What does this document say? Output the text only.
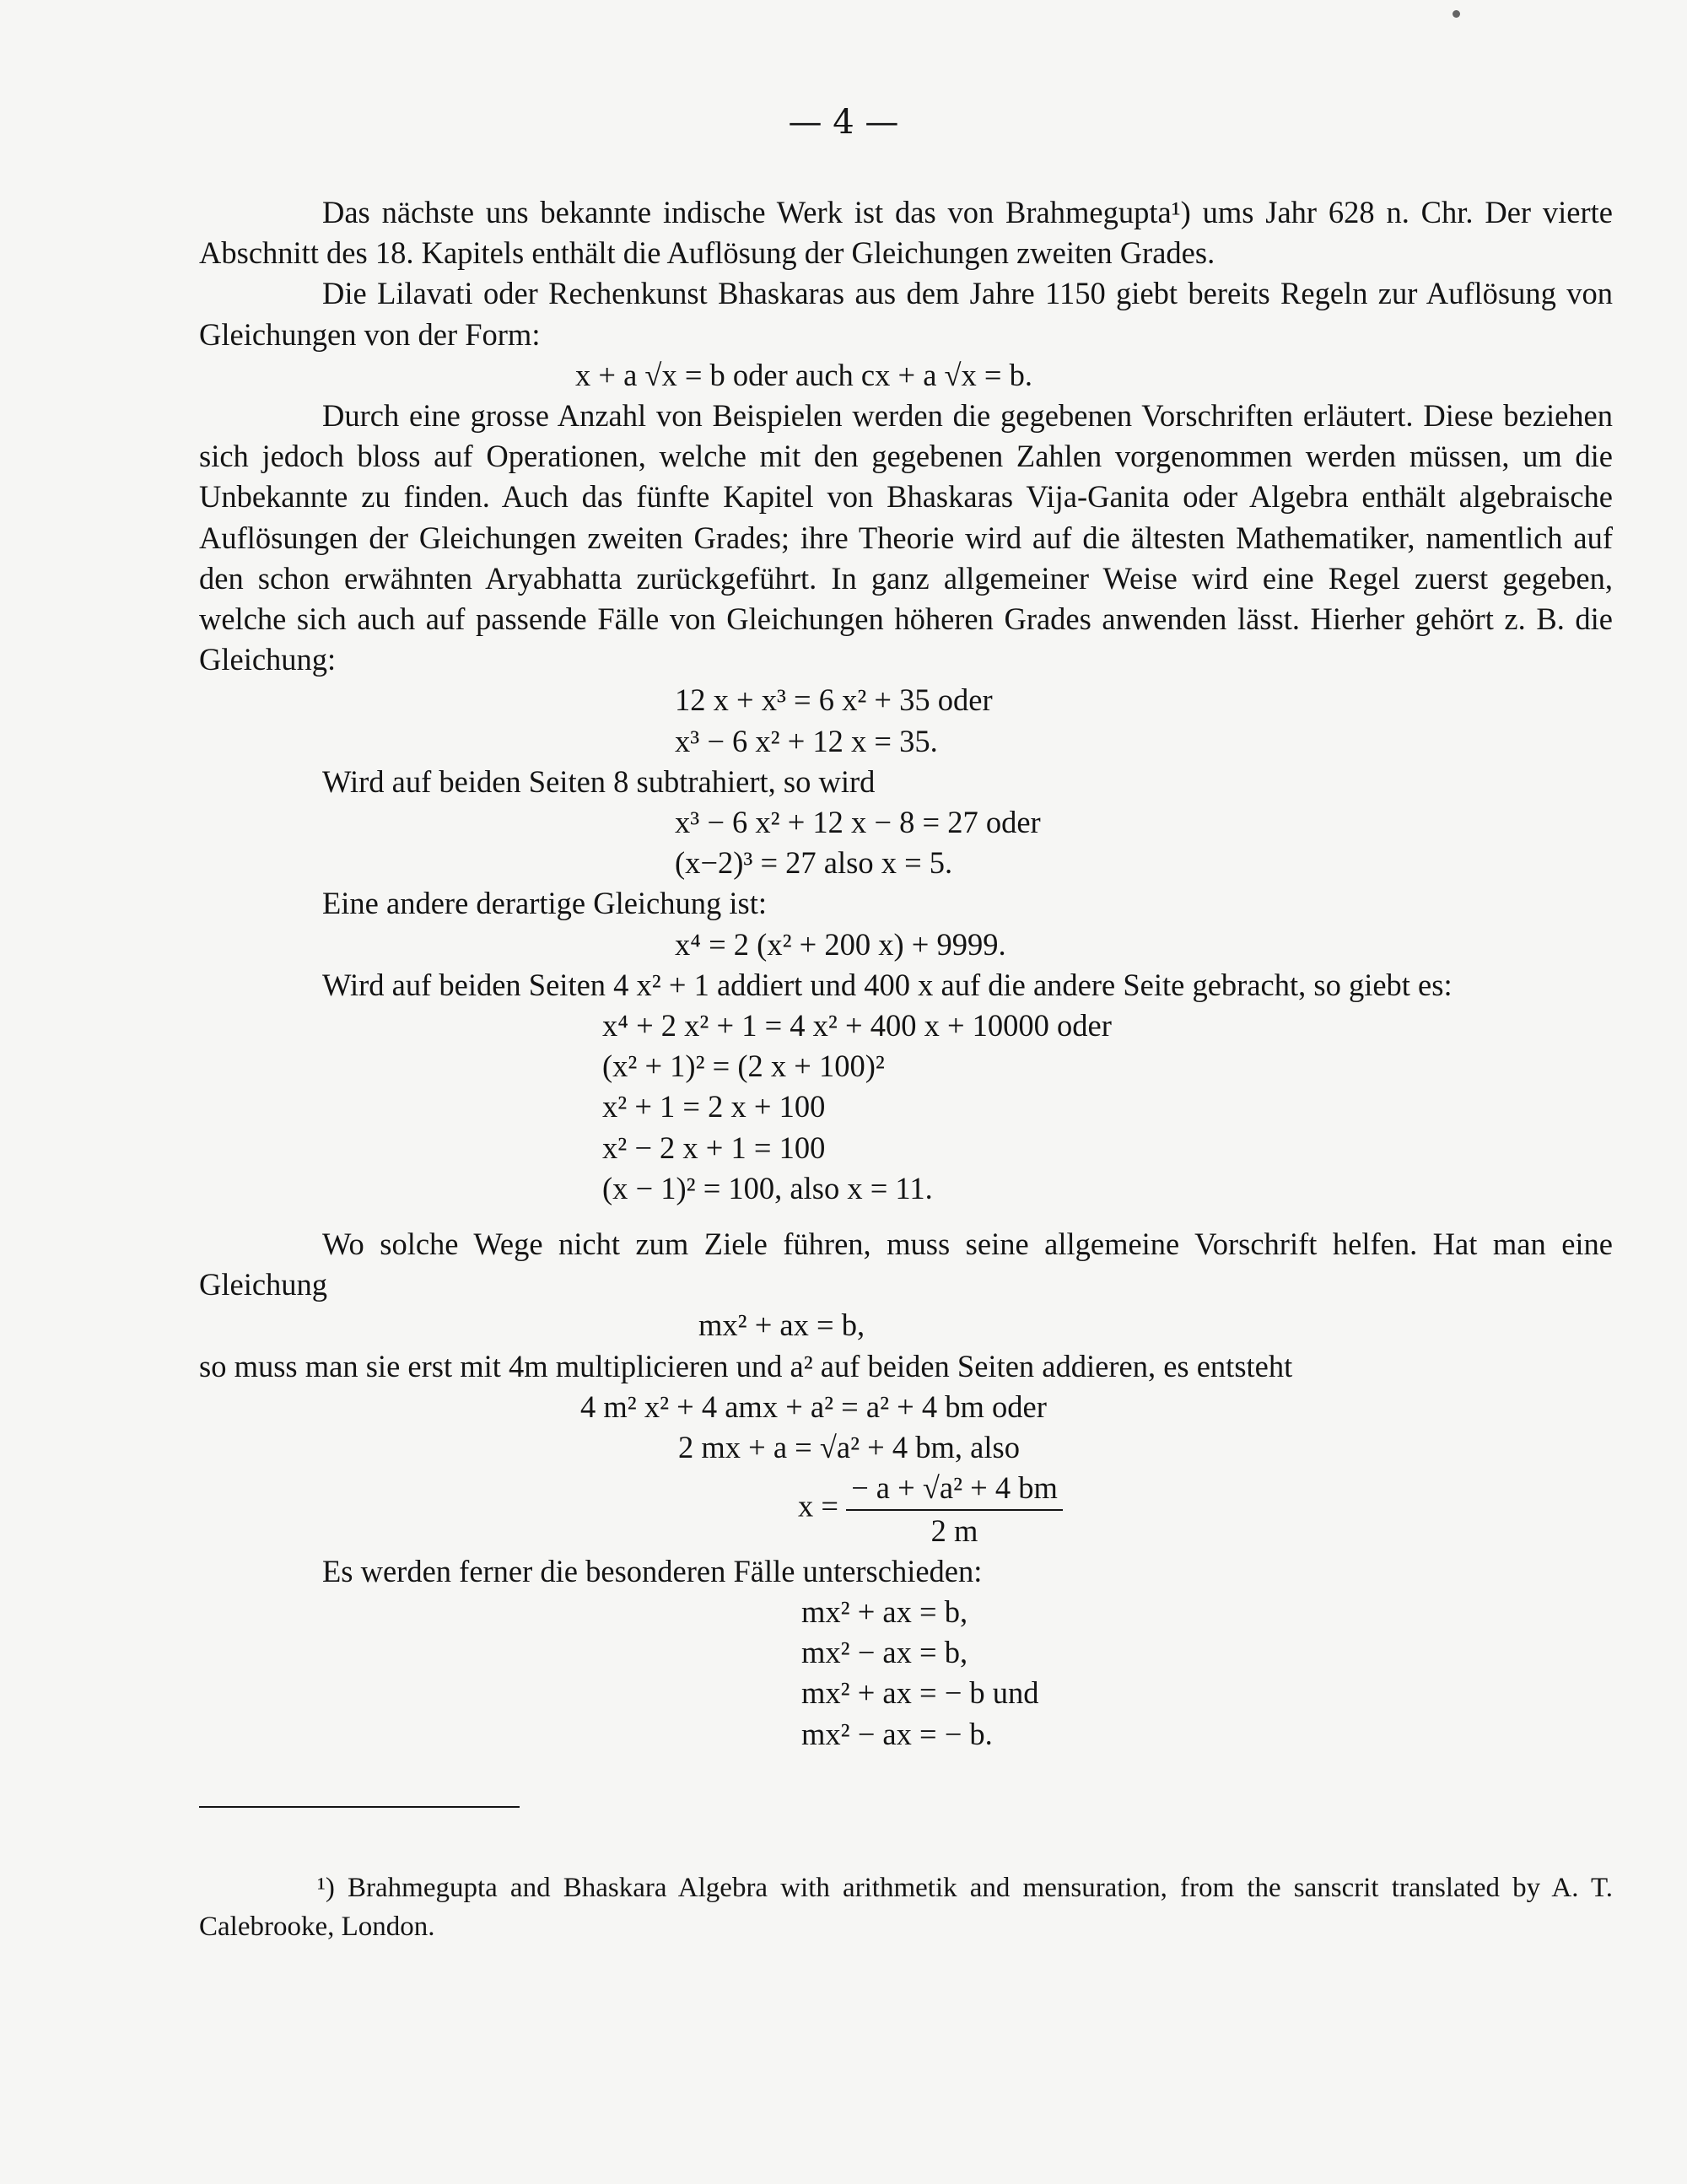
— 4 —

Das nächste uns bekannte indische Werk ist das von Brahmegupta¹) ums Jahr 628 n. Chr. Der vierte Abschnitt des 18. Kapitels enthält die Auflösung der Gleichungen zweiten Grades.

Die Lilavati oder Rechenkunst Bhaskaras aus dem Jahre 1150 giebt bereits Regeln zur Auflösung von Gleichungen von der Form:

x + a √x = b oder auch cx + a √x = b.

Durch eine grosse Anzahl von Beispielen werden die gegebenen Vorschriften erläutert. Diese beziehen sich jedoch bloss auf Operationen, welche mit den gegebenen Zahlen vorgenommen werden müssen, um die Unbekannte zu finden. Auch das fünfte Kapitel von Bhaskaras Vija-Ganita oder Algebra enthält algebraische Auflösungen der Gleichungen zweiten Grades; ihre Theorie wird auf die ältesten Mathematiker, namentlich auf den schon erwähnten Aryabhatta zurückgeführt. In ganz allgemeiner Weise wird eine Regel zuerst gegeben, welche sich auch auf passende Fälle von Gleichungen höheren Grades anwenden lässt. Hierher gehört z. B. die Gleichung:

12 x + x³ = 6 x² + 35 oder
x³ − 6 x² + 12 x = 35.

Wird auf beiden Seiten 8 subtrahiert, so wird

x³ − 6 x² + 12 x − 8 = 27 oder
(x−2)³ = 27 also x = 5.

Eine andere derartige Gleichung ist:

x⁴ = 2 (x² + 200 x) + 9999.

Wird auf beiden Seiten 4 x² + 1 addiert und 400 x auf die andere Seite gebracht, so giebt es:

x⁴ + 2 x² + 1 = 4 x² + 400 x + 10000 oder
(x² + 1)² = (2 x + 100)²
x² + 1 = 2 x + 100
x² − 2 x + 1 = 100
(x − 1)² = 100, also x = 11.

Wo solche Wege nicht zum Ziele führen, muss seine allgemeine Vorschrift helfen. Hat man eine Gleichung

mx² + ax = b,

so muss man sie erst mit 4m multiplicieren und a² auf beiden Seiten addieren, es entsteht

4 m² x² + 4 amx + a² = a² + 4 bm oder
2 mx + a = √a² + 4 bm, also
$x = \frac{\text{− a + √a² + 4 bm}}{2 m}$

Es werden ferner die besonderen Fälle unterschieden:

mx² + ax = b,
mx² − ax = b,
mx² + ax = − b und
mx² − ax = − b.

¹) Brahmegupta and Bhaskara Algebra with arithmetik and mensuration, from the sanscrit translated by A. T. Calebrooke, London.
